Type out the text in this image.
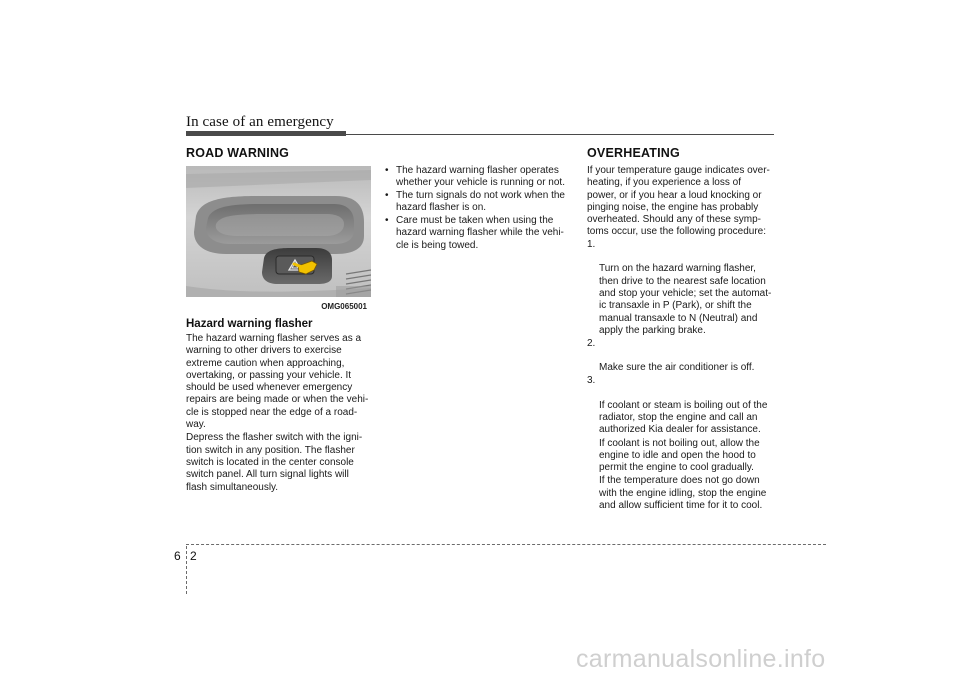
In case of an emergency
ROAD WARNING
OMG065001
Hazard warning flasher

The hazard warning flasher serves as a
warning to other drivers to exercise
extreme caution when approaching,
overtaking, or passing your vehicle. It
should be used whenever emergency
repairs are being made or when the vehi-
cle is stopped near the edge of a road-
way.

Depress the flasher switch with the igni-
tion switch in any position. The flasher
switch is located in the center console
switch panel. All turn signal lights will
flash simultaneously.

• The hazard warning flasher operates
whether your vehicle is running or not.
• The turn signals do not work when the
hazard flasher is on.
• Care must be taken when using the
hazard warning flasher while the vehi-
cle is being towed.
OVERHEATING

If your temperature gauge indicates over-
heating, if you experience a loss of
power, or if you hear a loud knocking or
pinging noise, the engine has probably
overheated. Should any of these symp-
toms occur, use the following procedure:

1.

Turn on the hazard warning flasher,
then drive to the nearest safe location
and stop your vehicle; set the automat-
ic transaxle in P (Park), or shift the
manual transaxle to N (Neutral) and
apply the parking brake.

2.

Make sure the air conditioner is off.

3.

If coolant or steam is boiling out of the
radiator, stop the engine and call an
authorized Kia dealer for assistance.

If coolant is not boiling out, allow the
engine to idle and open the hood to
permit the engine to cool gradually.

If the temperature does not go down
with the engine idling, stop the engine
and allow sufficient time for it to cool.

6 2
carmanualsonline.info
